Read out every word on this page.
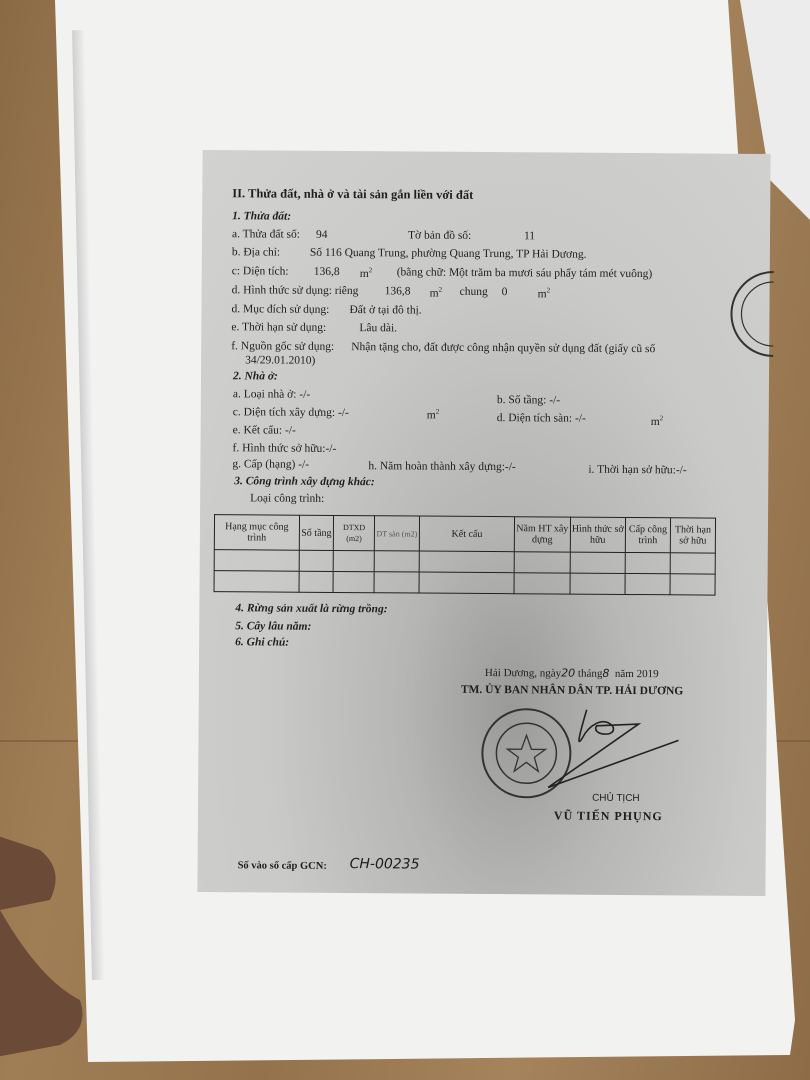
II. Thửa đất, nhà ở và tài sản gắn liền với đất
1. Thửa đất:
a. Thửa đất số: 94	Tờ bản đồ số:	11
b. Địa chỉ:	Số 116 Quang Trung, phường Quang Trung, TP Hải Dương.
c: Diện tích: 136,8 $m^2$ (bằng chữ: Một trăm ba mươi sáu phẩy tám mét vuông)
d. Hình thức sử dụng: riêng 136,8 $m^2$ chung 0	$m^2$
d. Mục đích sử dụng: Đất ở tại đô thị.
e. Thời hạn sử dụng:	Lâu dài.
f. Nguồn gốc sử dụng: Nhận tặng cho, đất được công nhận quyền sử dụng đất (giấy cũ số
34/29.01.2010)
2. Nhà ở:
a. Loại nhà ở: -/-	b. Số tầng: -/-
c. Diện tích xây dựng: -/-	$m^2$
d. Diện tích sàn: -/-	$m^2$
e. Kết cấu: -/-
f. Hình thức sở hữu:-/-
g. Cấp (hạng) -/-	h. Năm hoàn thành xây dựng:-/-	i. Thời hạn sở hữu:-/-
3. Công trình xây dựng khác:
Loại công trình:
Hạng mục công trình	Số tầng	DTXD (m2)	DT sàn (m2)	Kết cấu	Năm HT xây dựng	Hình thức sở hữu	Cấp công trình	Thời hạn sở hữu

4. Rừng sản xuất là rừng trồng:
5. Cây lâu năm:
6. Ghi chú:
Hải Dương, ngày20 tháng8 năm 2019
TM. ỦY BAN NHÂN DÂN TP. HẢI DƯƠNG
CHỦ TỊCH
VŨ TIẾN PHỤNG
Số vào sổ cấp GCN: CH-00235
